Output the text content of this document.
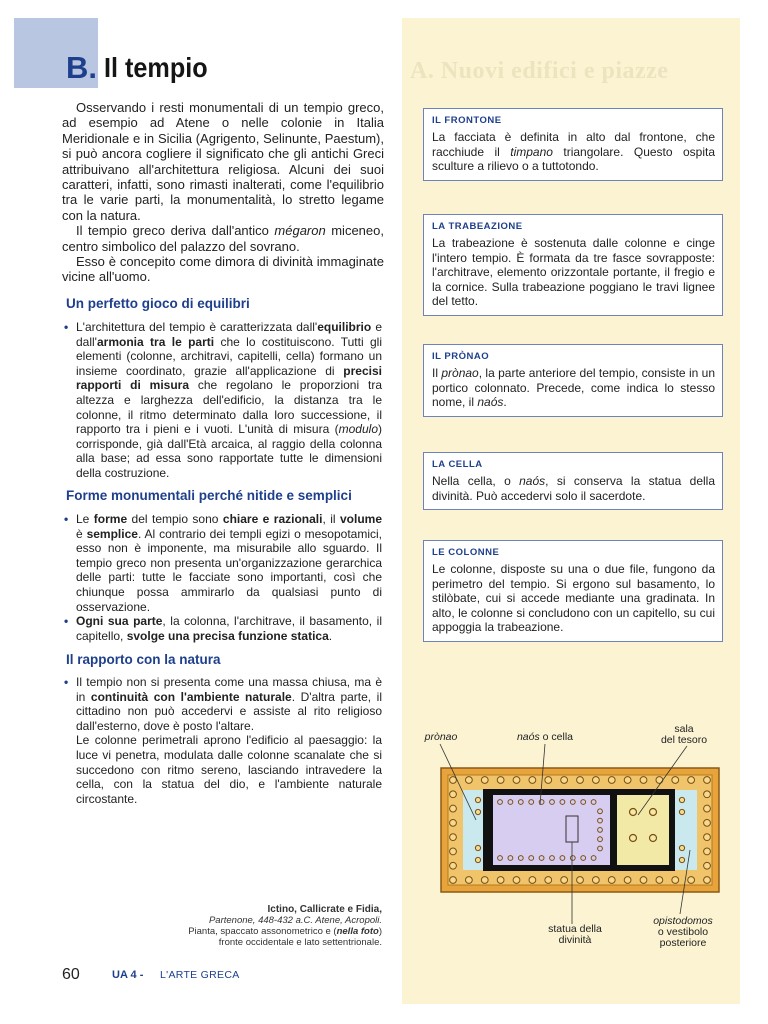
A. Nuovi edifici e piazze
B. Il tempio

Osservando i resti monumentali di un tempio greco, ad esempio ad Atene o nelle colonie in Italia Meridionale e in Sicilia (Agrigento, Selinunte, Paestum), si può ancora cogliere il significato che gli antichi Greci attribuivano all'architettura religiosa. Alcuni dei suoi caratteri, infatti, sono rimasti inalterati, come l'equilibrio tra le varie parti, la monumentalità, lo stretto legame con la natura.

Il tempio greco deriva dall'antico mégaron miceneo, centro simbolico del palazzo del sovrano.

Esso è concepito come dimora di divinità immaginate vicine all'uomo.

Un perfetto gioco di equilibri
• L'architettura del tempio è caratterizzata dall'equilibrio e dall'armonia tra le parti che lo costituiscono. Tutti gli elementi (colonne, architravi, capitelli, cella) formano un insieme coordinato, grazie all'applicazione di precisi rapporti di misura che regolano le proporzioni tra altezza e larghezza dell'edificio, la distanza tra le colonne, il ritmo determinato dalla loro successione, il rapporto tra i pieni e i vuoti. L'unità di misura (modulo) corrisponde, già dall'Età arcaica, al raggio della colonna alla base; ad essa sono rapportate tutte le dimensioni della costruzione.
Forme monumentali perché nitide e semplici
• Le forme del tempio sono chiare e razionali, il volume è semplice. Al contrario dei templi egizi o mesopotamici, esso non è imponente, ma misurabile allo sguardo. Il tempio greco non presenta un'organizzazione gerarchica delle parti: tutte le facciate sono importanti, così che chiunque possa ammirarlo da qualsiasi punto di osservazione.
• Ogni sua parte, la colonna, l'architrave, il basamento, il capitello, svolge una precisa funzione statica.
Il rapporto con la natura
• Il tempio non si presenta come una massa chiusa, ma è in continuità con l'ambiente naturale. D'altra parte, il cittadino non può accedervi e assiste al rito religioso dall'esterno, dove è posto l'altare.
Le colonne perimetrali aprono l'edificio al paesaggio: la luce vi penetra, modulata dalle colonne scanalate che si succedono con ritmo sereno, lasciando intravedere la cella, con la statua del dio, e l'ambiente naturale circostante.
IL FRONTONE
La facciata è definita in alto dal frontone, che racchiude il timpano triangolare. Questo ospita sculture a rilievo o a tuttotondo.
LA TRABEAZIONE
La trabeazione è sostenuta dalle colonne e cinge l'intero tempio. È formata da tre fasce sovrapposte: l'architrave, elemento orizzontale portante, il fregio e la cornice. Sulla trabeazione poggiano le travi lignee del tetto.
IL PRÒNAO
Il prònao, la parte anteriore del tempio, consiste in un portico colonnato. Precede, come indica lo stesso nome, il naós.
LA CELLA
Nella cella, o naós, si conserva la statua della divinità. Può accedervi solo il sacerdote.
LE COLONNE
Le colonne, disposte su una o due file, fungono da perimetro del tempio. Si ergono sul basamento, lo stilòbate, cui si accede mediante una gradinata. In alto, le colonne si concludono con un capitello, su cui appoggia la trabeazione.
prònao	naós o cella
sala
del tesoro
statua della
divinità
opistodomos
o vestibolo
posteriore
Ictino, Callicrate e Fidia,
Partenone, 448-432 a.C. Atene, Acropoli.
Pianta, spaccato assonometrico e (nella foto)
fronte occidentale e lato settentrionale.
60	UA 4 - L'ARTE GRECA
